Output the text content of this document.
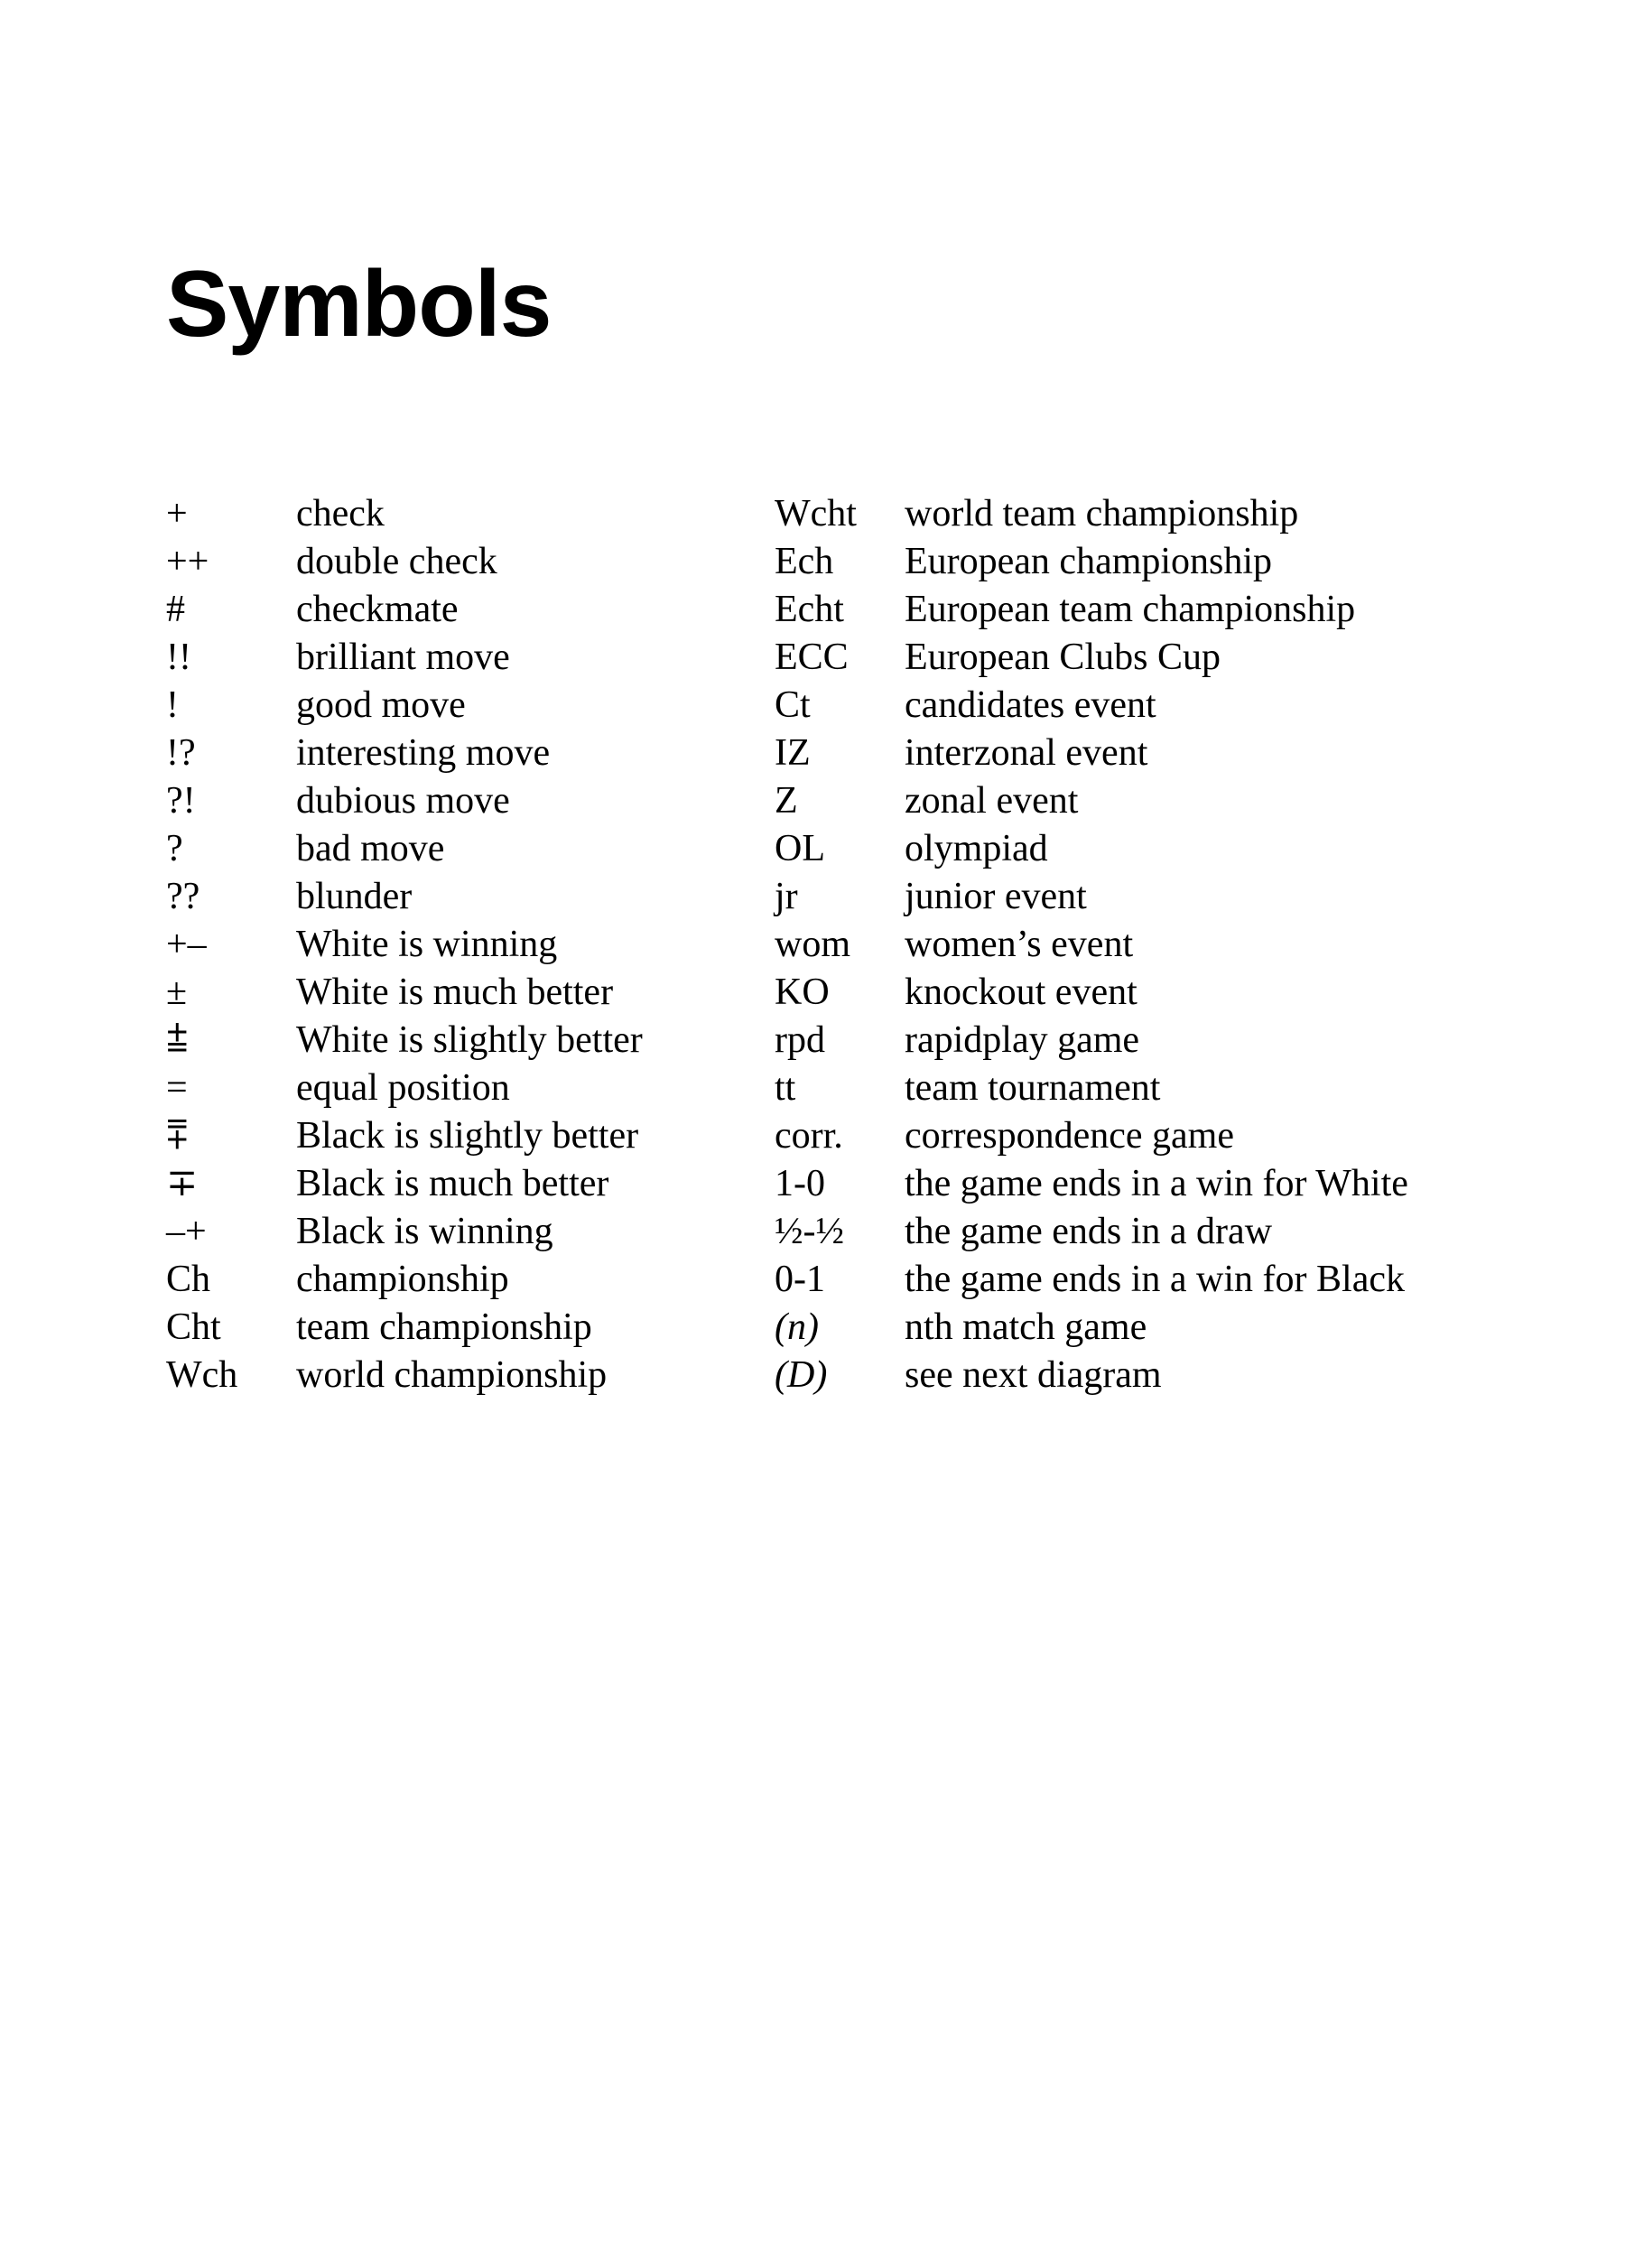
Symbols
+	check
++ double check
#	checkmate
!!	brilliant move
!	good move
!?	interesting move
?!	dubious move
?	bad move
??	blunder
+– White is winning
±	White is much better
⩲	White is slightly better
=	equal position
⩱	Black is slightly better
∓	Black is much better
–+ Black is winning
Ch championship
Cht team championship
Wch world championship
Wcht world team championship
Ech European championship
Echt European team championship
ECC European Clubs Cup
Ct candidates event
IZ interzonal event
Z	zonal event
OL olympiad
jr	junior event
wom women’s event
KO knockout event
rpd rapidplay game
tt	team tournament
corr. correspondence game
1-0 the game ends in a win for White
½-½ the game ends in a draw
0-1 the game ends in a win for Black
(n) nth match game
(D) see next diagram
